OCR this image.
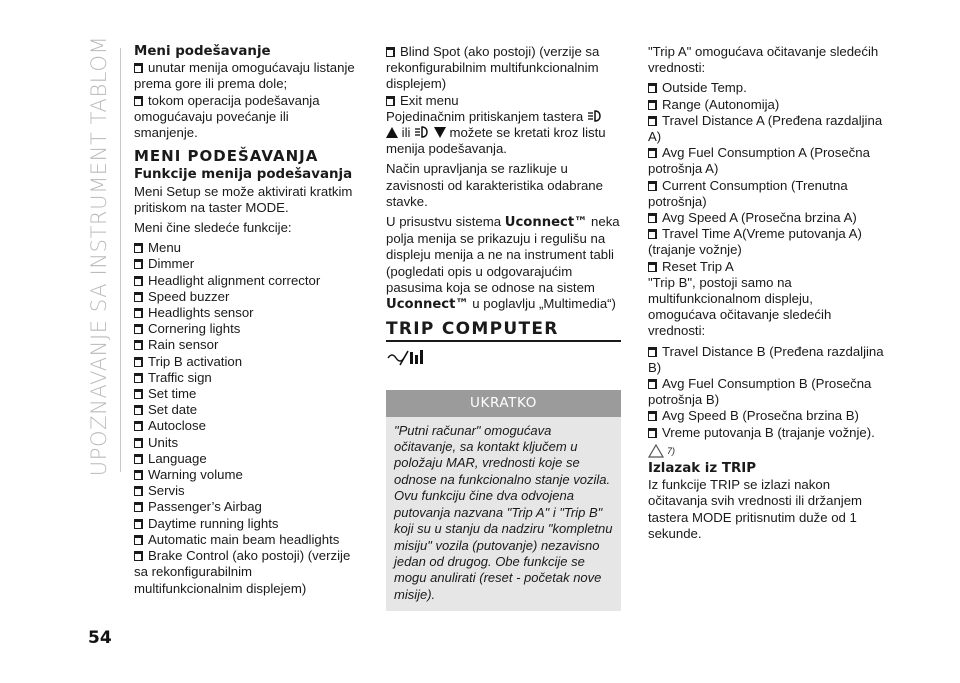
UPOZNAVANJE SA INSTRUMENT TABLOM
54
Meni podešavanje
unutar menija omogućavaju listanje
prema gore ili prema dole;
tokom operacija podešavanja
omogućavaju povećanje ili smanjenje.
MENI PODEŠAVANJA
Funkcije menija podešavanja
Meni Setup se može aktivirati kratkim pritiskom na taster MODE.
Meni čine sledeće funkcije:
Menu
Dimmer
Headlight alignment corrector
Speed buzzer
Headlights sensor
Cornering lights
Rain sensor
Trip B activation
Traffic sign
Set time
Set date
Autoclose
Units
Language
Warning volume
Servis
Passenger’s Airbag
Daytime running lights
Automatic main beam headlights
Brake Control (ako postoji) (verzije
sa rekonfigurabilnim multifunkcionalnim displejem)
Blind Spot (ako postoji) (verzije sa
rekonfigurabilnim multifunkcionalnim displejem)
Exit menu
Pojedinačnim pritiskanjem tastera
ili	možete se kretati kroz listu menija podešavanja.
Način upravljanja se razlikuje u zavisnosti od karakteristika odabrane stavke.
U prisustvu sistema Uconnect™ neka polja menija se prikazuju i regulišu na displeju menija a ne na instrument tabli (pogledati opis u odgovarajućim pasusima koja se odnose na sistem Uconnect™ u poglavlju „Multimedia“)
TRIP COMPUTER
UKRATKO
"Putni računar" omogućava očitavanje, sa kontakt ključem u položaju MAR, vrednosti koje se odnose na funkcionalno stanje vozila. Ovu funkciju čine dva odvojena putovanja nazvana "Trip A" i "Trip B" koji su u stanju da nadziru "kompletnu misiju" vozila (putovanje) nezavisno jedan od drugog. Obe funkcije se mogu anulirati (reset - početak nove misije).
"Trip A" omogućava očitavanje sledećih vrednosti:
Outside Temp.
Range (Autonomija)
Travel Distance A (Pređena razdaljina
A)
Avg Fuel Consumption A (Prosečna
potrošnja A)
Current Consumption (Trenutna
potrošnja)
Avg Speed A (Prosečna brzina A)
Travel Time A(Vreme putovanja A)
(trajanje vožnje)
Reset Trip A
"Trip B", postoji samo na multifunkcionalnom displeju, omogućava očitavanje sledećih vrednosti:
Travel Distance B (Pređena razdaljina
B)
Avg Fuel Consumption B (Prosečna
potrošnja B)
Avg Speed B (Prosečna brzina B)
Vreme putovanja B (trajanje vožnje).
7)
Izlazak iz TRIP
Iz funkcije TRIP se izlazi nakon očitavanja svih vrednosti ili držanjem tastera MODE pritisnutim duže od 1 sekunde.
